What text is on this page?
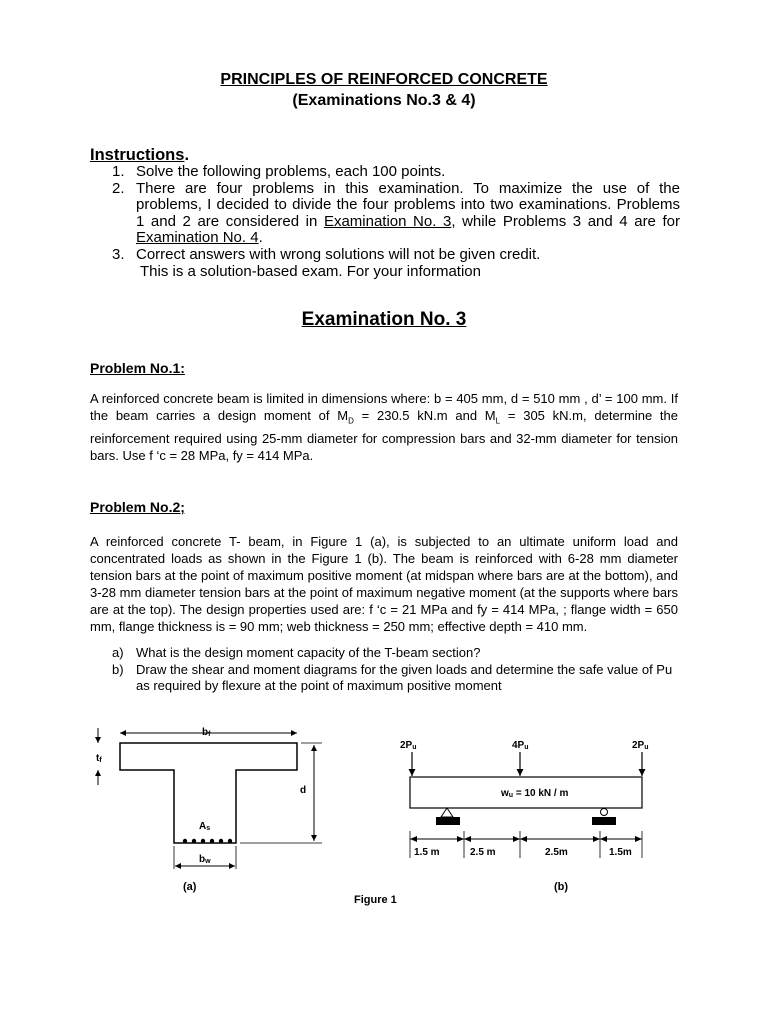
PRINCIPLES OF REINFORCED CONCRETE
(Examinations No.3 & 4)
Instructions.
1. Solve the following problems, each 100 points.
2. There are four problems in this examination. To maximize the use of the problems, I decided to divide the four problems into two examinations. Problems 1 and 2 are considered in Examination No. 3, while Problems 3 and 4 are for Examination No. 4.
3. Correct answers with wrong solutions will not be given credit.
This is a solution-based exam. For your information
Examination No. 3
Problem No.1:
A reinforced concrete beam is limited in dimensions where: b = 405 mm, d = 510 mm , d’ = 100 mm. If the beam carries a design moment of $M_D = 230.5$ kN.m and $M_L = 305$ kN.m, determine the reinforcement required using 25-mm diameter for compression bars and 32-mm diameter for tension bars. Use f ‘c = 28 MPa, fy = 414 MPa.
Problem No.2;
A reinforced concrete T- beam, in Figure 1 (a), is subjected to an ultimate uniform load and concentrated loads as shown in the Figure 1 (b). The beam is reinforced with 6-28 mm diameter tension bars at the point of maximum positive moment (at midspan where bars are at the bottom), and 3-28 mm diameter tension bars at the point of maximum negative moment (at the supports where bars are at the top). The design properties used are: f ‘c = 21 MPa and fy = 414 MPa, ; flange width = 650 mm, flange thickness is = 90 mm; web thickness = 250 mm; effective depth = 410 mm.
a) What is the design moment capacity of the T-beam section?
b) Draw the shear and moment diagrams for the given loads and determine the safe value of Pu as required by flexure at the point of maximum positive moment
bf
tf
d
As
bw
(a)
2Pu	4Pu	2Pu
wu = 10 kN / m
1.5 m	2.5 m	2.5m	1.5m
(b)
Figure 1
